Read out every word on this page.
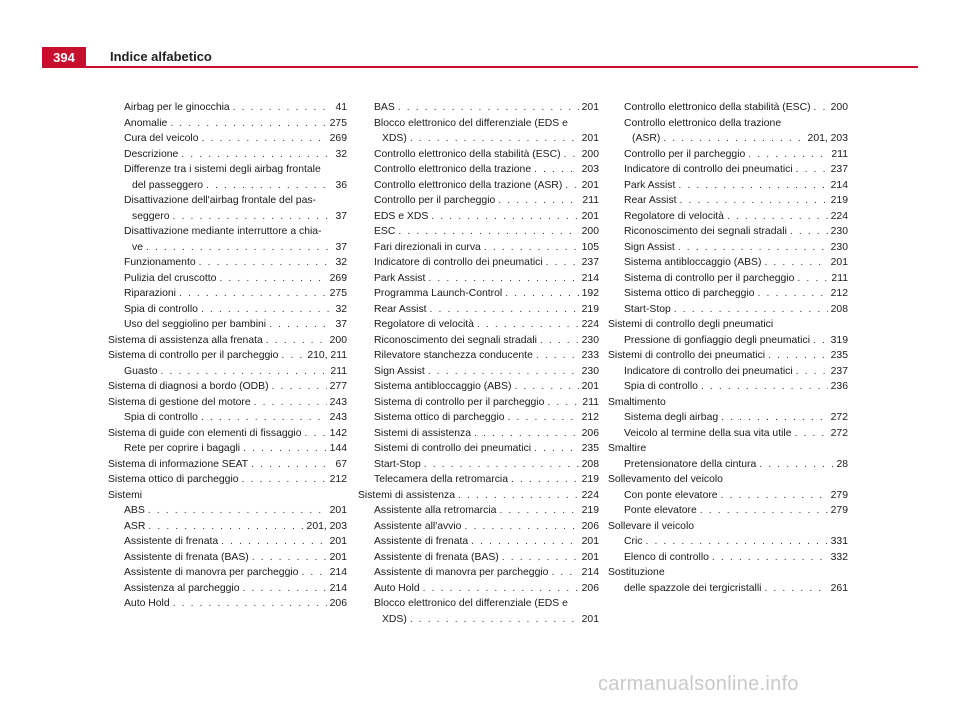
394	Indice alfabetico
Airbag per le ginocchia . . .	41
Anomalie . . .	275
Cura del veicolo . . .	269
Descrizione . . .	32
Differenze tra i sistemi degli airbag frontale
del passeggero . . .	36
Disattivazione dell'airbag frontale del pas-
seggero . . .	37
Disattivazione mediante interruttore a chia-
ve . . .	37
Funzionamento . . .	32
Pulizia del cruscotto . . .	269
Riparazioni . . .	275
Spia di controllo . . .	32
Uso del seggiolino per bambini . . .	37
Sistema di assistenza alla frenata . . .	200
Sistema di controllo per il parcheggio . . .	210, 211
Guasto . . .	211
Sistema di diagnosi a bordo (ODB) . . .	277
Sistema di gestione del motore . . .	243
Spia di controllo . . .	243
Sistema di guide con elementi di fissaggio . . .	142
Rete per coprire i bagagli . . .	144
Sistema di informazione SEAT . . .	67
Sistema ottico di parcheggio . . .	212
Sistemi
ABS . . .	201
ASR . . .	201, 203
Assistente di frenata . . .	201
Assistente di frenata (BAS) . . .	201
Assistente di manovra per parcheggio . . .	214
Assistenza al parcheggio . . .	214
Auto Hold . . .	206
BAS . . .	201
Blocco elettronico del differenziale (EDS e
XDS) . . .	201
Controllo elettronico della stabilità (ESC) . . . 200
Controllo elettronico della trazione . . .	203
Controllo elettronico della trazione (ASR) . . . 201
Controllo per il parcheggio . . .	211
EDS e XDS . . .	201
ESC . . .	200
Fari direzionali in curva . . .	105
Indicatore di controllo dei pneumatici . . .	237
Park Assist . . .	214
Programma Launch-Control . . .	192
Rear Assist . . .	219
Regolatore di velocità . . .	224
Riconoscimento dei segnali stradali . . .	230
Rilevatore stanchezza conducente . . .	233
Sign Assist . . .	230
Sistema antibloccaggio (ABS) . . .	201
Sistema di controllo per il parcheggio . . .	211
Sistema ottico di parcheggio . . .	212
Sistemi di assistenza . . .	206
Sistemi di controllo dei pneumatici . . .	235
Start-Stop . . .	208
Telecamera della retromarcia . . .	219
Sistemi di assistenza . . .	224
Assistente alla retromarcia . . .	219
Assistente all'avvio . . .	206
Assistente di frenata . . .	201
Assistente di frenata (BAS) . . .	201
Assistente di manovra per parcheggio . . .	214
Auto Hold . . .	206
Blocco elettronico del differenziale (EDS e
XDS) . . .	201
Controllo elettronico della stabilità (ESC) . . . 200
Controllo elettronico della trazione
(ASR) . . .	201, 203
Controllo per il parcheggio . . .	211
Indicatore di controllo dei pneumatici . . .	237
Park Assist . . .	214
Rear Assist . . .	219
Regolatore di velocità . . .	224
Riconoscimento dei segnali stradali . . .	230
Sign Assist . . .	230
Sistema antibloccaggio (ABS) . . .	201
Sistema di controllo per il parcheggio . . .	211
Sistema ottico di parcheggio . . .	212
Start-Stop . . .	208
Sistemi di controllo degli pneumatici
Pressione di gonfiaggio degli pneumatici . . . 319
Sistemi di controllo dei pneumatici . . .	235
Indicatore di controllo dei pneumatici . . .	237
Spia di controllo . . .	236
Smaltimento
Sistema degli airbag . . .	272
Veicolo al termine della sua vita utile . . .	272
Smaltire
Pretensionatore della cintura . . .	28
Sollevamento del veicolo
Con ponte elevatore . . .	279
Ponte elevatore . . .	279
Sollevare il veicolo
Cric . . .	331
Elenco di controllo . . .	332
Sostituzione
delle spazzole dei tergicristalli . . .	261
carmanualsonline.info
